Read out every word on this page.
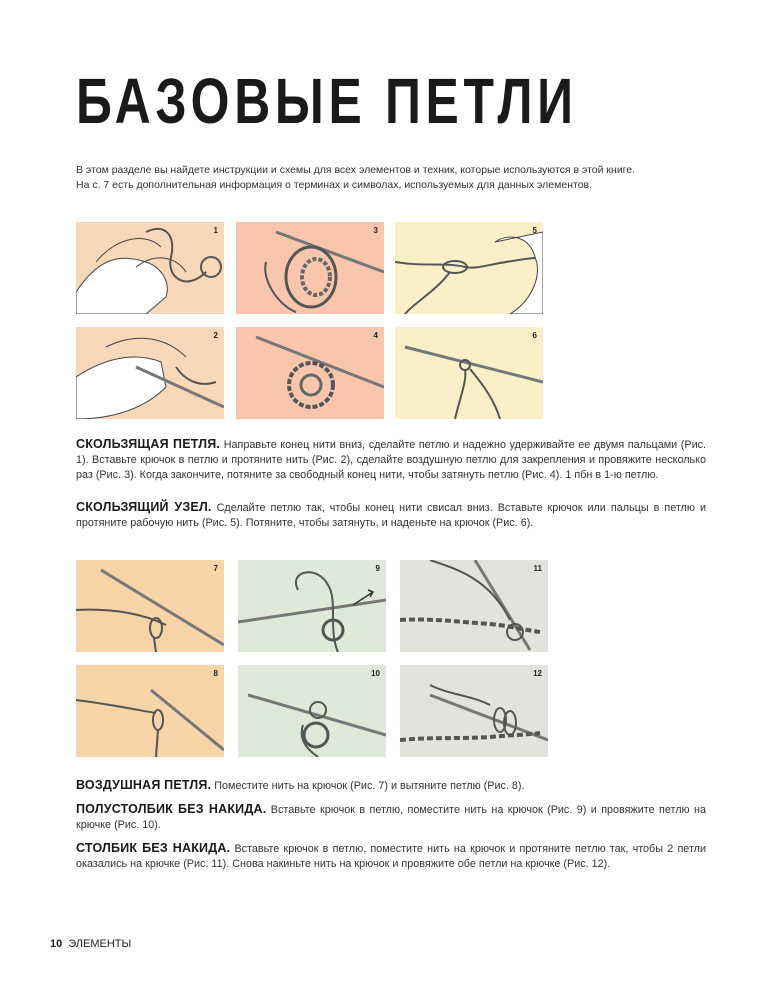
БАЗОВЫЕ ПЕТЛИ

В этом разделе вы найдете инструкции и схемы для всех элементов и техник, которые используются в этой книге.

На с. 7 есть дополнительная информация о терминах и символах, используемых для данных элементов.

1	3	5
2	4	6

СКОЛЬЗЯЩАЯ ПЕТЛЯ. Направьте конец нити вниз, сделайте петлю и надежно удерживайте ее двумя пальцами (Рис. 1). Вставьте крючок в петлю и протяните нить (Рис. 2), сделайте воздушную петлю для закрепления и провяжите несколько раз (Рис. 3). Когда закончите, потяните за свободный конец нити, чтобы затянуть петлю (Рис. 4). 1 пбн в 1-ю петлю.

СКОЛЬЗЯЩИЙ УЗЕЛ. Сделайте петлю так, чтобы конец нити свисал вниз. Вставьте крючок или пальцы в петлю и протяните рабочую нить (Рис. 5). Потяните, чтобы затянуть, и наденьте на крючок (Рис. 6).

7	9	11
8	10	12

ВОЗДУШНАЯ ПЕТЛЯ. Поместите нить на крючок (Рис. 7) и вытяните петлю (Рис. 8).

ПОЛУСТОЛБИК БЕЗ НАКИДА. Вставьте крючок в петлю, поместите нить на крючок (Рис. 9) и провяжите петлю на крючке (Рис. 10).

СТОЛБИК БЕЗ НАКИДА. Вставьте крючок в петлю, поместите нить на крючок и протяните петлю так, чтобы 2 петли оказались на крючке (Рис. 11). Снова накиньте нить на крючок и провяжите обе петли на крючке (Рис. 12).

10 ЭЛЕМЕНТЫ
